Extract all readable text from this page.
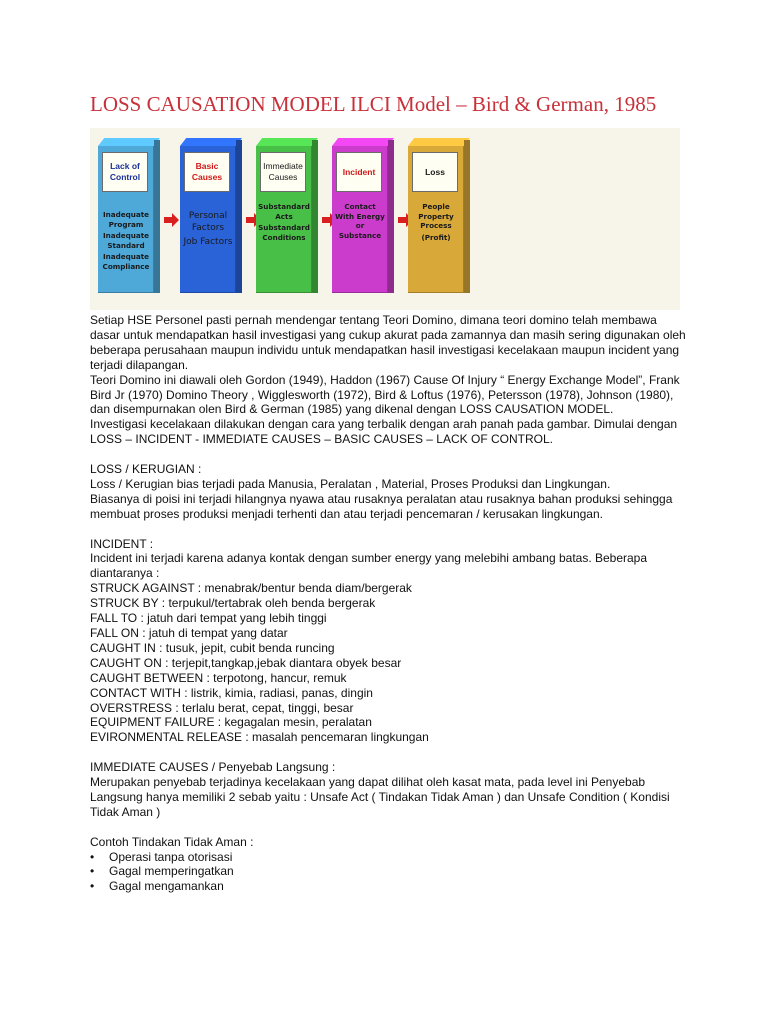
LOSS CAUSATION MODEL ILCI Model – Bird & German, 1985
Lack of Control
Inadequate Program
Inadequate Standard
Inadequate Compliance
Basic Causes
Personal Factors
Job Factors
Immediate Causes
Substandard Acts
Substandard Conditions
Incident
Contact With Energy or Substance
Loss
People Property Process
(Profit)

Setiap HSE Personel pasti pernah mendengar tentang Teori Domino, dimana teori domino telah membawa dasar untuk mendapatkan hasil investigasi yang cukup akurat pada zamannya dan masih sering digunakan oleh beberapa perusahaan maupun individu untuk mendapatkan hasil investigasi kecelakaan maupun incident yang terjadi dilapangan.

Teori Domino ini diawali oleh Gordon (1949), Haddon (1967) Cause Of Injury “ Energy Exchange Model”, Frank Bird Jr (1970) Domino Theory , Wigglesworth (1972), Bird & Loftus (1976), Petersson (1978), Johnson (1980), dan disempurnakan olen Bird & German (1985) yang dikenal dengan LOSS CAUSATION MODEL.

Investigasi kecelakaan dilakukan dengan cara yang terbalik dengan arah panah pada gambar. Dimulai dengan LOSS – INCIDENT - IMMEDIATE CAUSES – BASIC CAUSES – LACK OF CONTROL.

LOSS / KERUGIAN :

Loss / Kerugian bias terjadi pada Manusia, Peralatan , Material, Proses Produksi dan Lingkungan.

Biasanya di poisi ini terjadi hilangnya nyawa atau rusaknya peralatan atau rusaknya bahan produksi sehingga membuat proses produksi menjadi terhenti dan atau terjadi pencemaran / kerusakan lingkungan.

INCIDENT :

Incident ini terjadi karena adanya kontak dengan sumber energy yang melebihi ambang batas. Beberapa diantaranya :

STRUCK AGAINST : menabrak/bentur benda diam/bergerak

STRUCK BY : terpukul/tertabrak oleh benda bergerak

FALL TO : jatuh dari tempat yang lebih tinggi

FALL ON : jatuh di tempat yang datar

CAUGHT IN : tusuk, jepit, cubit benda runcing

CAUGHT ON : terjepit,tangkap,jebak diantara obyek besar

CAUGHT BETWEEN : terpotong, hancur, remuk

CONTACT WITH : listrik, kimia, radiasi, panas, dingin

OVERSTRESS : terlalu berat, cepat, tinggi, besar

EQUIPMENT FAILURE : kegagalan mesin, peralatan

EVIRONMENTAL RELEASE : masalah pencemaran lingkungan

IMMEDIATE CAUSES / Penyebab Langsung :

Merupakan penyebab terjadinya kecelakaan yang dapat dilihat oleh kasat mata, pada level ini Penyebab Langsung hanya memiliki 2 sebab yaitu : Unsafe Act ( Tindakan Tidak Aman ) dan Unsafe Condition ( Kondisi Tidak Aman )

Contoh Tindakan Tidak Aman :

• Operasi tanpa otorisasi
• Gagal memperingatkan
• Gagal mengamankan
